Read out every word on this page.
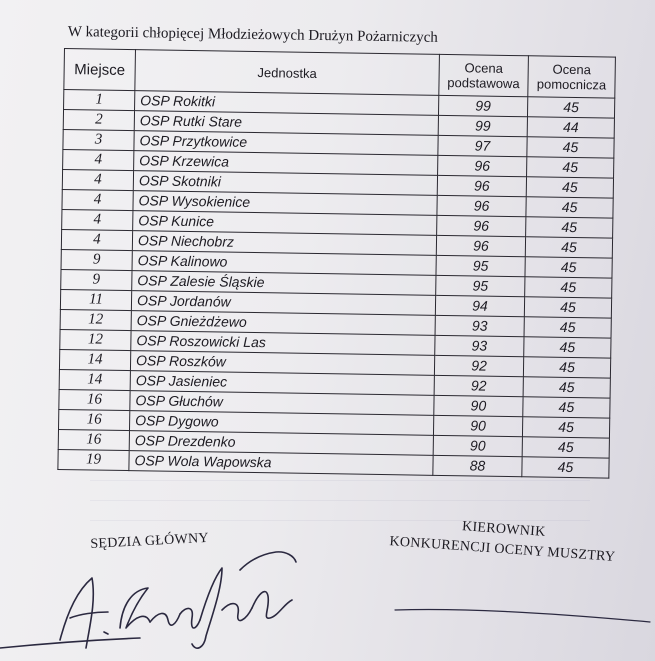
W kategorii chłopięcej Młodzieżowych Drużyn Pożarniczych
Miejsce	Jednostka	Ocena podstawowa	Ocena pomocnicza
1	OSP Rokitki	99	45
2	OSP Rutki Stare	99	44
3	OSP Przytkowice	97	45
4	OSP Krzewica	96	45
4	OSP Skotniki	96	45
4	OSP Wysokienice	96	45
4	OSP Kunice	96	45
4	OSP Niechobrz	96	45
9	OSP Kalinowo	95	45
9	OSP Zalesie Śląskie	95	45
11	OSP Jordanów	94	45
12	OSP Gnieżdżewo	93	45
12	OSP Roszowicki Las	93	45
14	OSP Roszków	92	45
14	OSP Jasieniec	92	45
16	OSP Głuchów	90	45
16	OSP Dygowo	90	45
16	OSP Drezdenko	90	45
19	OSP Wola Wapowska	88	45
SĘDZIA GŁÓWNY
KIEROWNIK
KONKURENCJI OCENY MUSZTRY
